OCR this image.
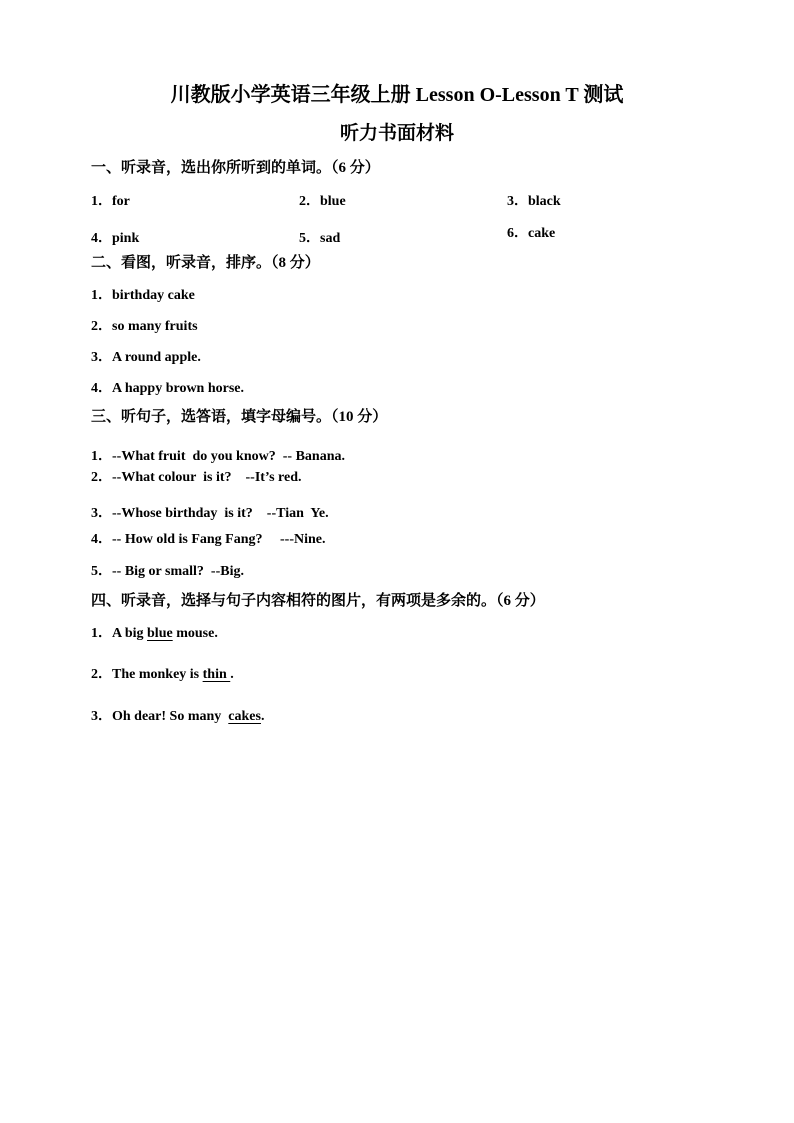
川教版小学英语三年级上册 Lesson O-Lesson T 测试
听力书面材料
一、听录音，选出你所听到的单词。（6 分）
1．for	2．blue	3．black
4．pink	5．sad	6．cake
二、看图，听录音，排序。（8 分）
1．birthday cake
2．so many fruits
3．A round apple.
4．A happy brown horse.
三、听句子，选答语，填字母编号。（10 分）
1．--What fruit  do you know?  -- Banana.
2．--What colour  is it?    --It’s red.
3．--Whose birthday  is it?    --Tian  Ye.
4．-- How old is Fang Fang?     ---Nine.
5．-- Big or small?  --Big.
四、听录音，选择与句子内容相符的图片，有两项是多余的。（6 分）
1．A big blue mouse.
2．The monkey is thin .
3．Oh dear! So many  cakes.
